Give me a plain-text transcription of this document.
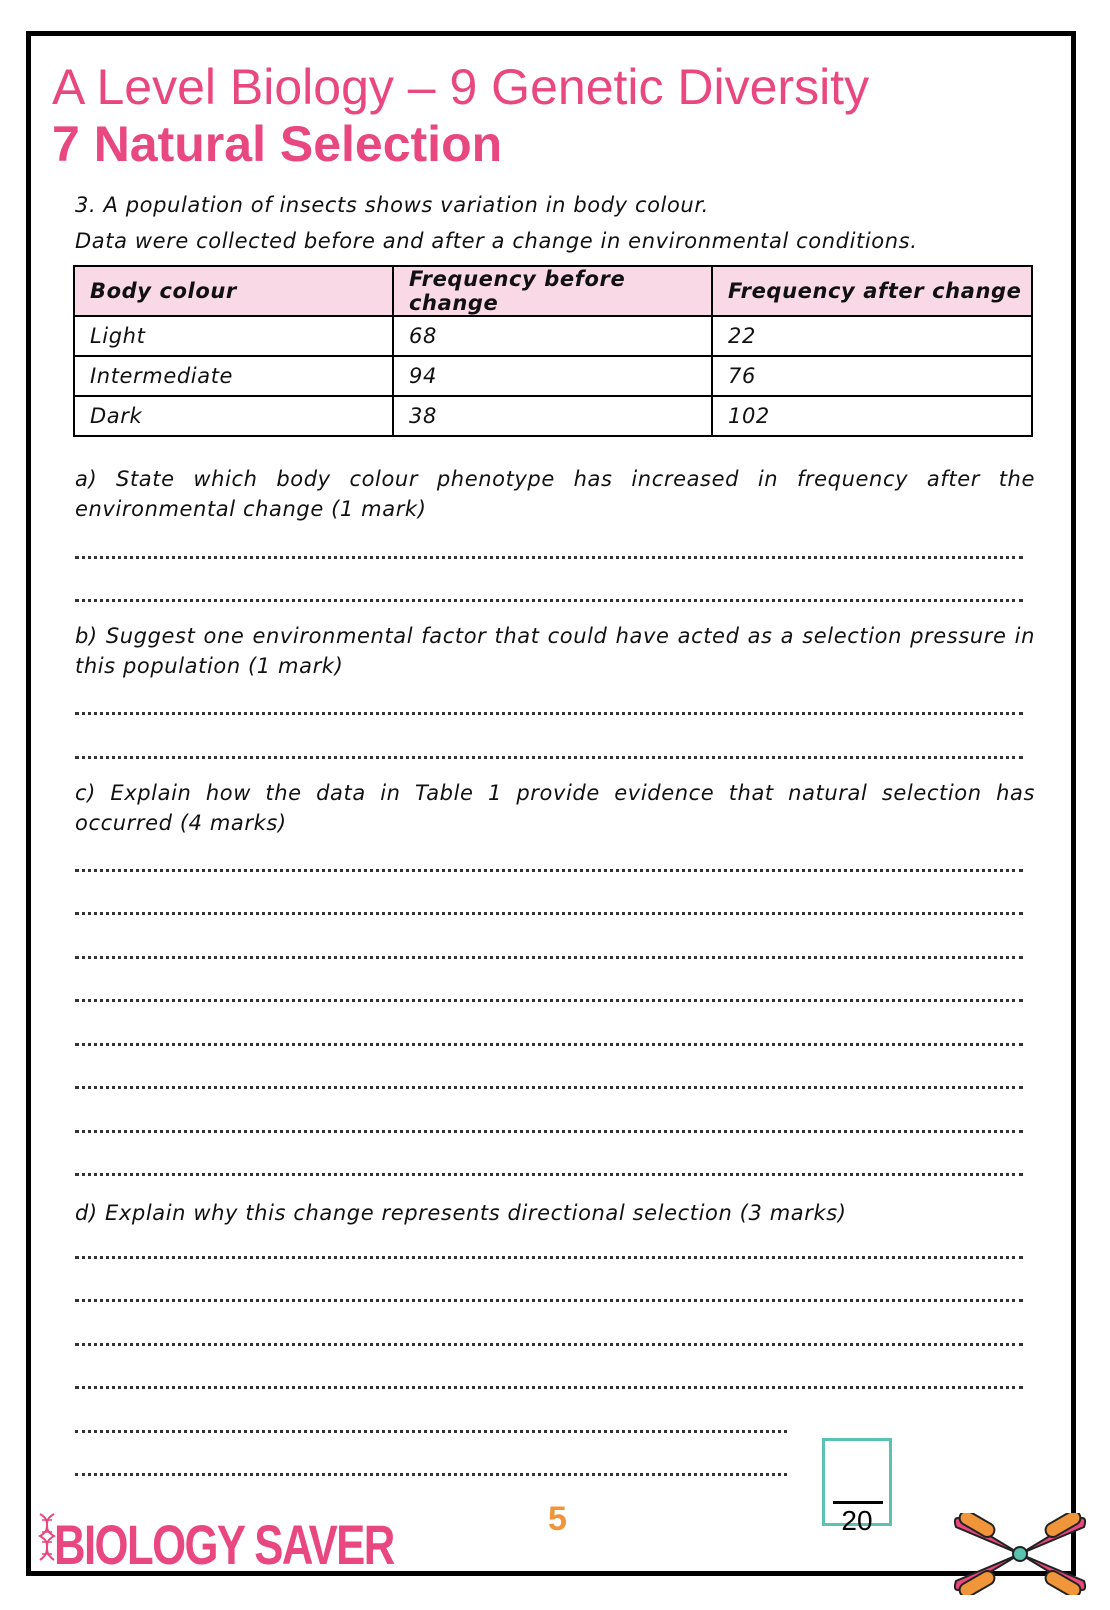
A Level Biology – 9 Genetic Diversity
7 Natural Selection
3. A population of insects shows variation in body colour.
Data were collected before and after a change in environmental conditions.
Body colour	Frequency before change	Frequency after change
Light	68	22
Intermediate	94	76
Dark	38	102
a) State which body colour phenotype has increased in frequency after the environmental change (1 mark)
b) Suggest one environmental factor that could have acted as a selection pressure in this population (1 mark)
c) Explain how the data in Table 1 provide evidence that natural selection has occurred (4 marks)
d) Explain why this change represents directional selection (3 marks)
20
5
BIOLOGY SAVER
